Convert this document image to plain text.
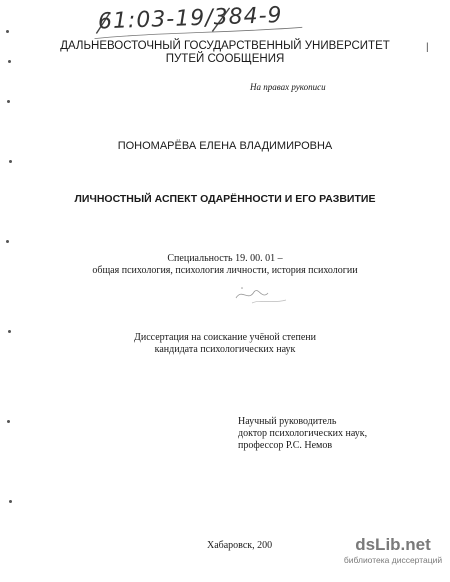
|
61:03-19/384-9
ДАЛЬНЕВОСТОЧНЫЙ ГОСУДАРСТВЕННЫЙ УНИВЕРСИТЕТ ПУТЕЙ СООБЩЕНИЯ
На правах рукописи
ПОНОМАРЁВА ЕЛЕНА ВЛАДИМИРОВНА
ЛИЧНОСТНЫЙ АСПЕКТ ОДАРЁННОСТИ И ЕГО РАЗВИТИЕ
Специальность 19. 00. 01 –
общая психология, психология личности, история психологии
Диссертация на соискание учёной степени
кандидата психологических наук
Научный руководитель
доктор психологических наук,
профессор Р.С. Немов
Хабаровск, 200	dsLib.net
библиотека диссертаций
